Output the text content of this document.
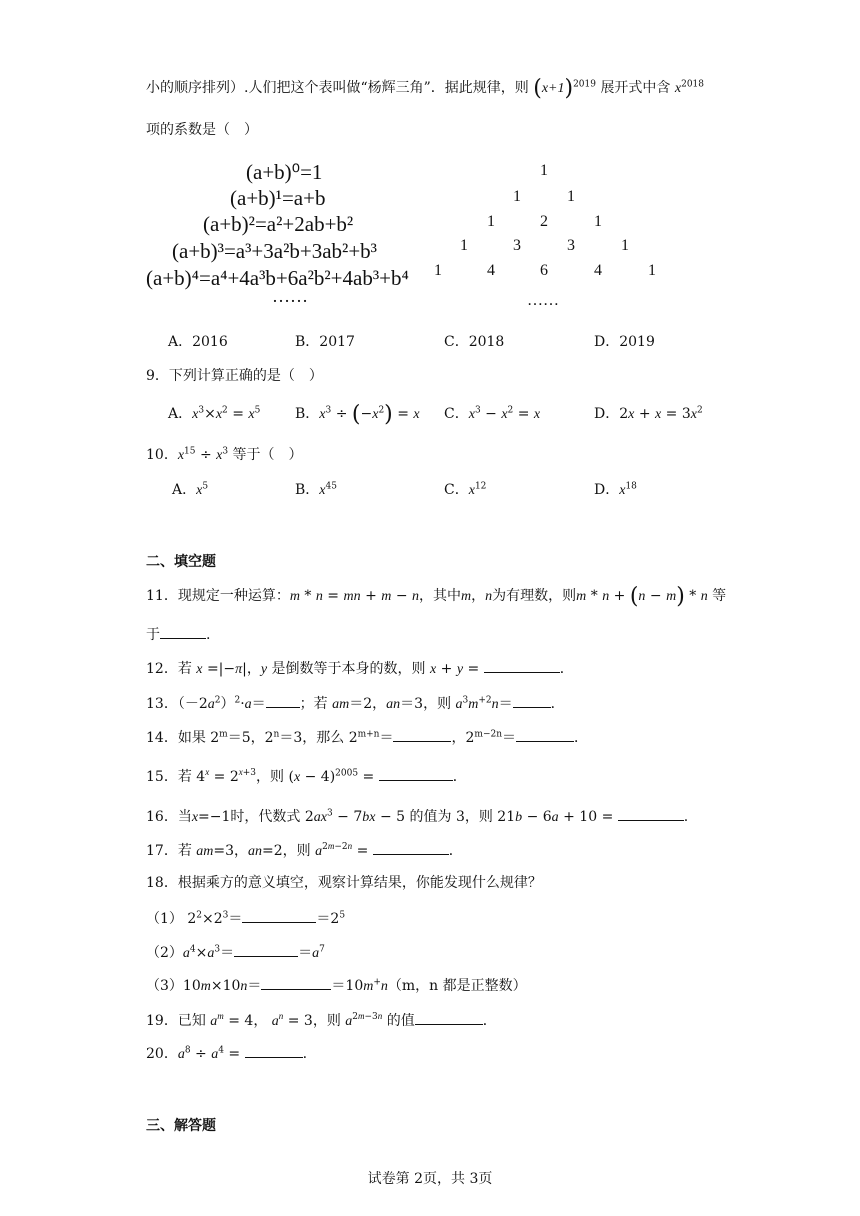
小的顺序排列）.人们把这个表叫做“杨辉三角”．据此规律，则 $(x+1)^{2019}$ 展开式中含 $x^{2018}$
项的系数是（　）
(a+b)⁰=1
(a+b)¹=a+b
(a+b)²=a²+2ab+b²
(a+b)³=a³+3a²b+3ab²+b³
(a+b)⁴=a⁴+4a³b+6a²b²+4ab³+b⁴
……
1
1	1
1	2	1
1	3	3	1
1	4	6	4	1
……
A．2016	B．2017	C．2018	D．2019
9．下列计算正确的是（　）
A．$x^3\times x^2 = x^5$ B．$x^3 \div (-x^2) = x$ C．$x^3 - x^2 = x$	D．$2x + x = 3x^2$
10．$x^{15} \div x^3$ 等于（　）
A．$x^5$	B．$x^{45}$	C．$x^{12}$	D．$x^{18}$
二、填空题
11．现规定一种运算：m * n = mn + m − n，其中m，n为有理数，则m * n + (n − m) * n 等
于	.
12．若 x =|−π|，y 是倒数等于本身的数，则 x + y =	．
13．$(-2a^2)^2\cdot a=$ ；若 am＝2，an＝3，则 $a^3m^{+2}n=$	．
14．如果 $2^m=5$，$2^n=3$，那么 $2^{m+n}=$	，$2^{m-2n}=$	．
15．若 $4^x = 2^{x+3}$，则 $(x - 4)^{2005}$ =	．
16．当x=−1时，代数式 $2ax^3 - 7bx - 5$ 的值为 3，则 21b − 6a + 10 =	.
17．若 am=3，an=2，则 $a^{2m-2n}$ =	．
18．根据乘方的意义填空，观察计算结果，你能发现什么规律？
（1） $2^2\times 2^3=$	$=2^5$
$(2)a^4\times a^3=$	$=a^7$
（3）10m×10n＝	＝10m+n（m，n 都是正整数）
19．已知 $a^m = 4$， $a^n = 3$，则 $a^{2m-3n}$ 的值	．
20．$a^8 \div a^4$ =	.
三、解答题
试卷第 2页，共 3页
